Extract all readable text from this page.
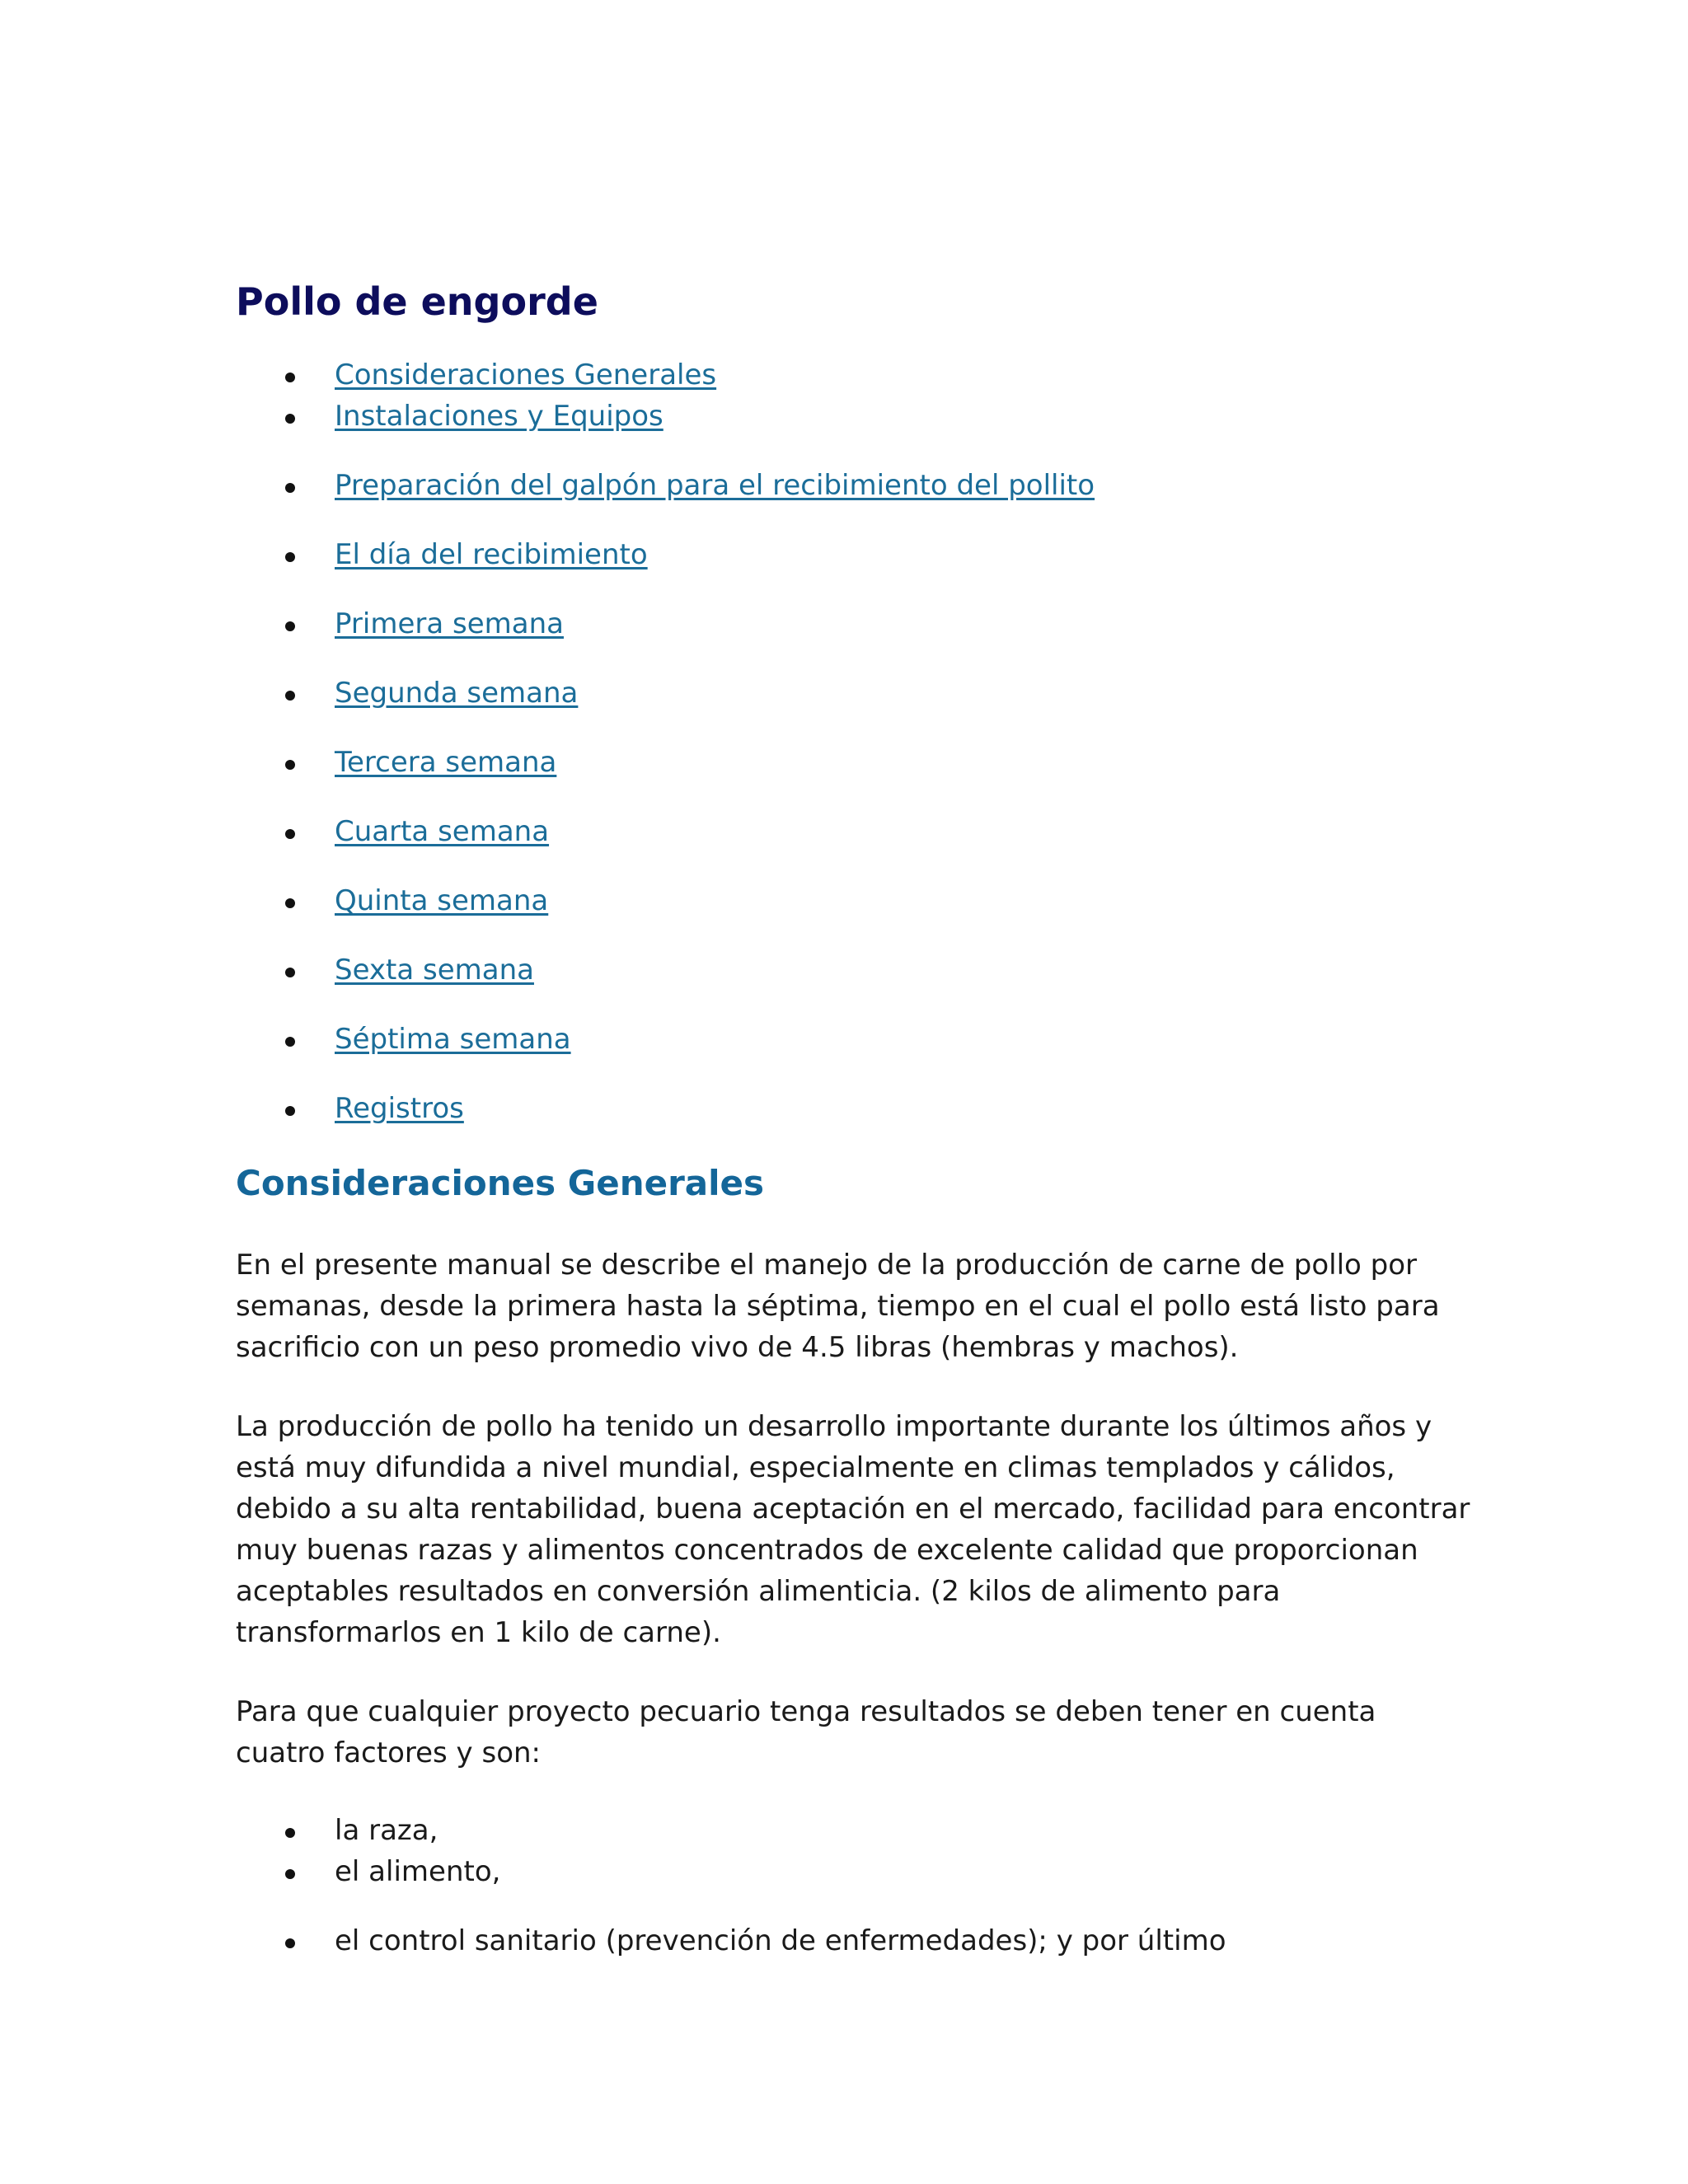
Pollo de engorde
Consideraciones Generales
Instalaciones y Equipos
Preparación del galpón para el recibimiento del pollito
El día del recibimiento
Primera semana
Segunda semana
Tercera semana
Cuarta semana
Quinta semana
Sexta semana
Séptima semana
Registros
Consideraciones Generales

En el presente manual se describe el manejo de la producción de carne de pollo por semanas, desde la primera hasta la séptima, tiempo en el cual el pollo está listo para sacrificio con un peso promedio vivo de 4.5 libras (hembras y machos).

La producción de pollo ha tenido un desarrollo importante durante los últimos años y está muy difundida a nivel mundial, especialmente en climas templados y cálidos, debido a su alta rentabilidad, buena aceptación en el mercado, facilidad para encontrar muy buenas razas y alimentos concentrados de excelente calidad que proporcionan aceptables resultados en conversión alimenticia. (2 kilos de alimento para transformarlos en 1 kilo de carne).

Para que cualquier proyecto pecuario tenga resultados se deben tener en cuenta cuatro factores y son:

la raza,
el alimento,
el control sanitario (prevención de enfermedades); y por último
